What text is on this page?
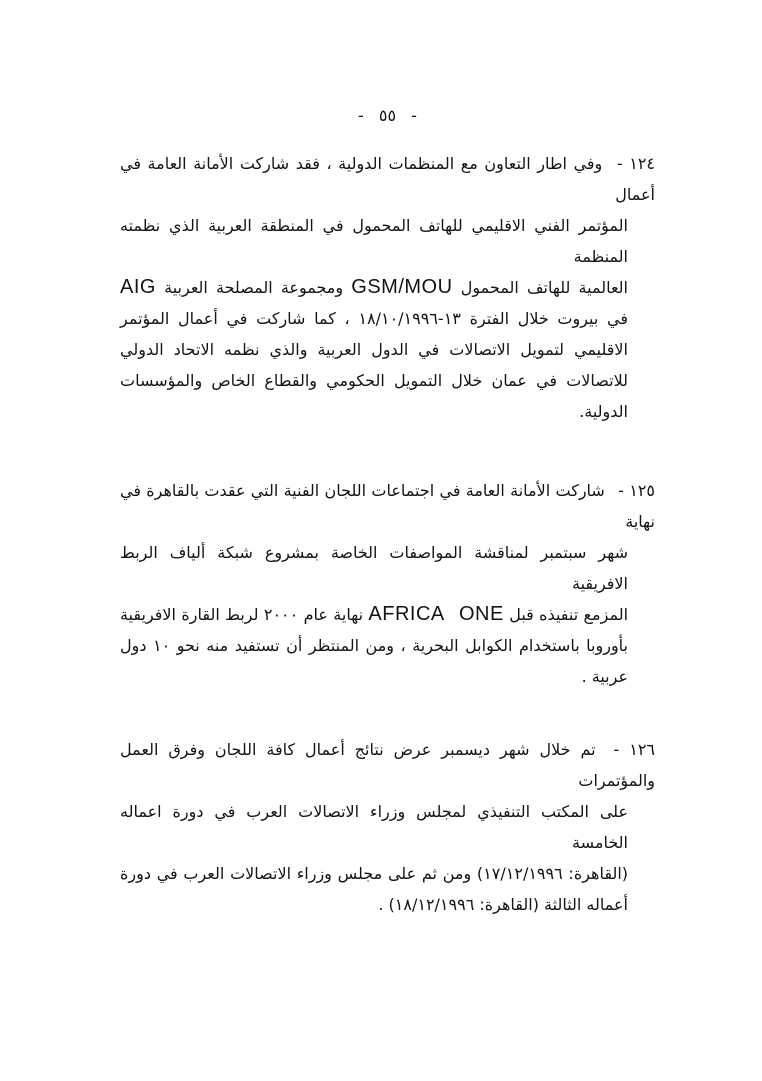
- ٥٥ -
١٢٤ - وفي اطار التعاون مع المنظمات الدولية ، فقد شاركت الأمانة العامة في أعمال
المؤتمر الفني الاقليمي للهاتف المحمول في المنطقة العربية الذي نظمته المنظمة
العالمية للهاتف المحمول GSM/MOU ومجموعة المصلحة العربية AIG
في بيروت خلال الفترة ١٣-١٨/١٠/١٩٩٦ ، كما شاركت في أعمال المؤتمر
الاقليمي لتمويل الاتصالات في الدول العربية والذي نظمه الاتحاد الدولي
للاتصالات في عمان خلال التمويل الحكومي والقطاع الخاص والمؤسسات
الدولية.
١٢٥ - شاركت الأمانة العامة في اجتماعات اللجان الفنية التي عقدت بالقاهرة في نهاية
شهر سبتمبر لمناقشة المواصفات الخاصة بمشروع شبكة ألياف الربط الافريقية
المزمع تنفيذه قبل AFRICA ONE نهاية عام ٢٠٠٠ لربط القارة الافريقية
بأوروبا باستخدام الكوابل البحرية ، ومن المنتظر أن تستفيد منه نحو ١٠ دول
عربية .
١٢٦ - تم خلال شهر ديسمبر عرض نتائج أعمال كافة اللجان وفرق العمل والمؤتمرات
على المكتب التنفيذي لمجلس وزراء الاتصالات العرب في دورة اعماله الخامسة
(القاهرة: ١٧/١٢/١٩٩٦) ومن ثم على مجلس وزراء الاتصالات العرب في دورة
أعماله الثالثة (القاهرة: ١٨/١٢/١٩٩٦) .
